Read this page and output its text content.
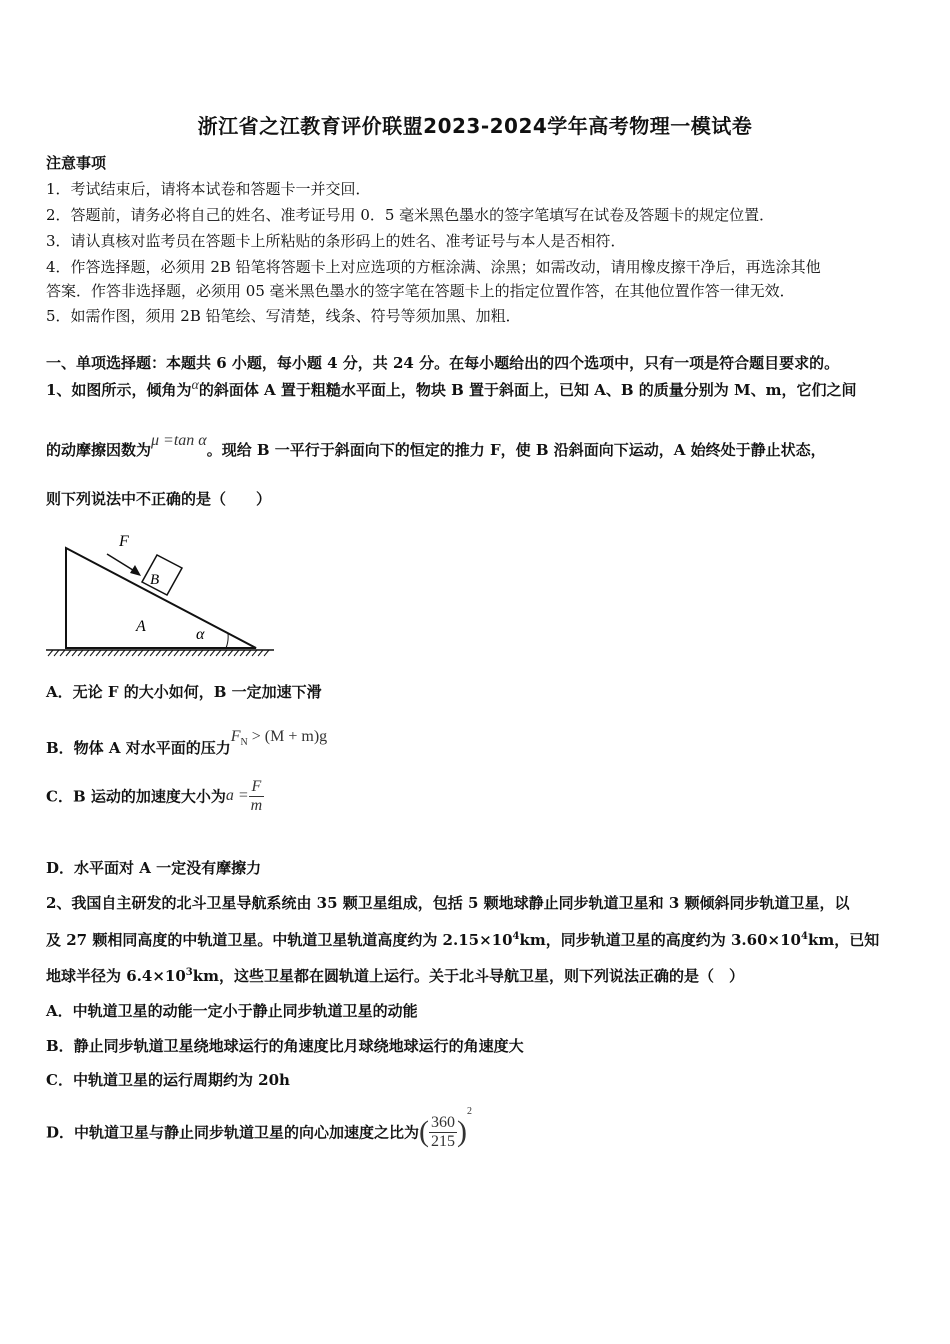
浙江省之江教育评价联盟2023-2024学年高考物理一模试卷
注意事项
1．考试结束后，请将本试卷和答题卡一并交回．
2．答题前，请务必将自己的姓名、准考证号用 0．5 毫米黑色墨水的签字笔填写在试卷及答题卡的规定位置．
3．请认真核对监考员在答题卡上所粘贴的条形码上的姓名、准考证号与本人是否相符．
4．作答选择题，必须用 2B 铅笔将答题卡上对应选项的方框涂满、涂黑；如需改动，请用橡皮擦干净后，再选涂其他
答案．作答非选择题，必须用 05 毫米黑色墨水的签字笔在答题卡上的指定位置作答，在其他位置作答一律无效．
5．如需作图，须用 2B 铅笔绘、写清楚，线条、符号等须加黑、加粗．
一、单项选择题：本题共 6 小题，每小题 4 分，共 24 分。在每小题给出的四个选项中，只有一项是符合题目要求的。
1、如图所示，倾角为α的斜面体 A 置于粗糙水平面上，物块 B 置于斜面上，已知 A、B 的质量分别为 M、m，它们之间
的动摩擦因数为μ =tan α。现给 B 一平行于斜面向下的恒定的推力 F，使 B 沿斜面向下运动，A 始终处于静止状态，
则下列说法中不正确的是（　　）
F
B
A	α
A．无论 F 的大小如何，B 一定加速下滑
B．物体 A 对水平面的压力$F_N > (M + m)g$
C．B 运动的加速度大小为$a = \frac{F}{m}$
D．水平面对 A 一定没有摩擦力
2、我国自主研发的北斗卫星导航系统由 35 颗卫星组成，包括 5 颗地球静止同步轨道卫星和 3 颗倾斜同步轨道卫星，以
及 27 颗相同高度的中轨道卫星。中轨道卫星轨道高度约为 $2.15\times 10^4km$，同步轨道卫星的高度约为 $3.60\times 10^4km$，已知
地球半径为 $6.4\times 10^3km$，这些卫星都在圆轨道上运行。关于北斗导航卫星，则下列说法正确的是（　）
A．中轨道卫星的动能一定小于静止同步轨道卫星的动能
B．静止同步轨道卫星绕地球运行的角速度比月球绕地球运行的角速度大
C．中轨道卫星的运行周期约为 20h
D．中轨道卫星与静止同步轨道卫星的向心加速度之比为( $\frac{360}{215} )^2$
